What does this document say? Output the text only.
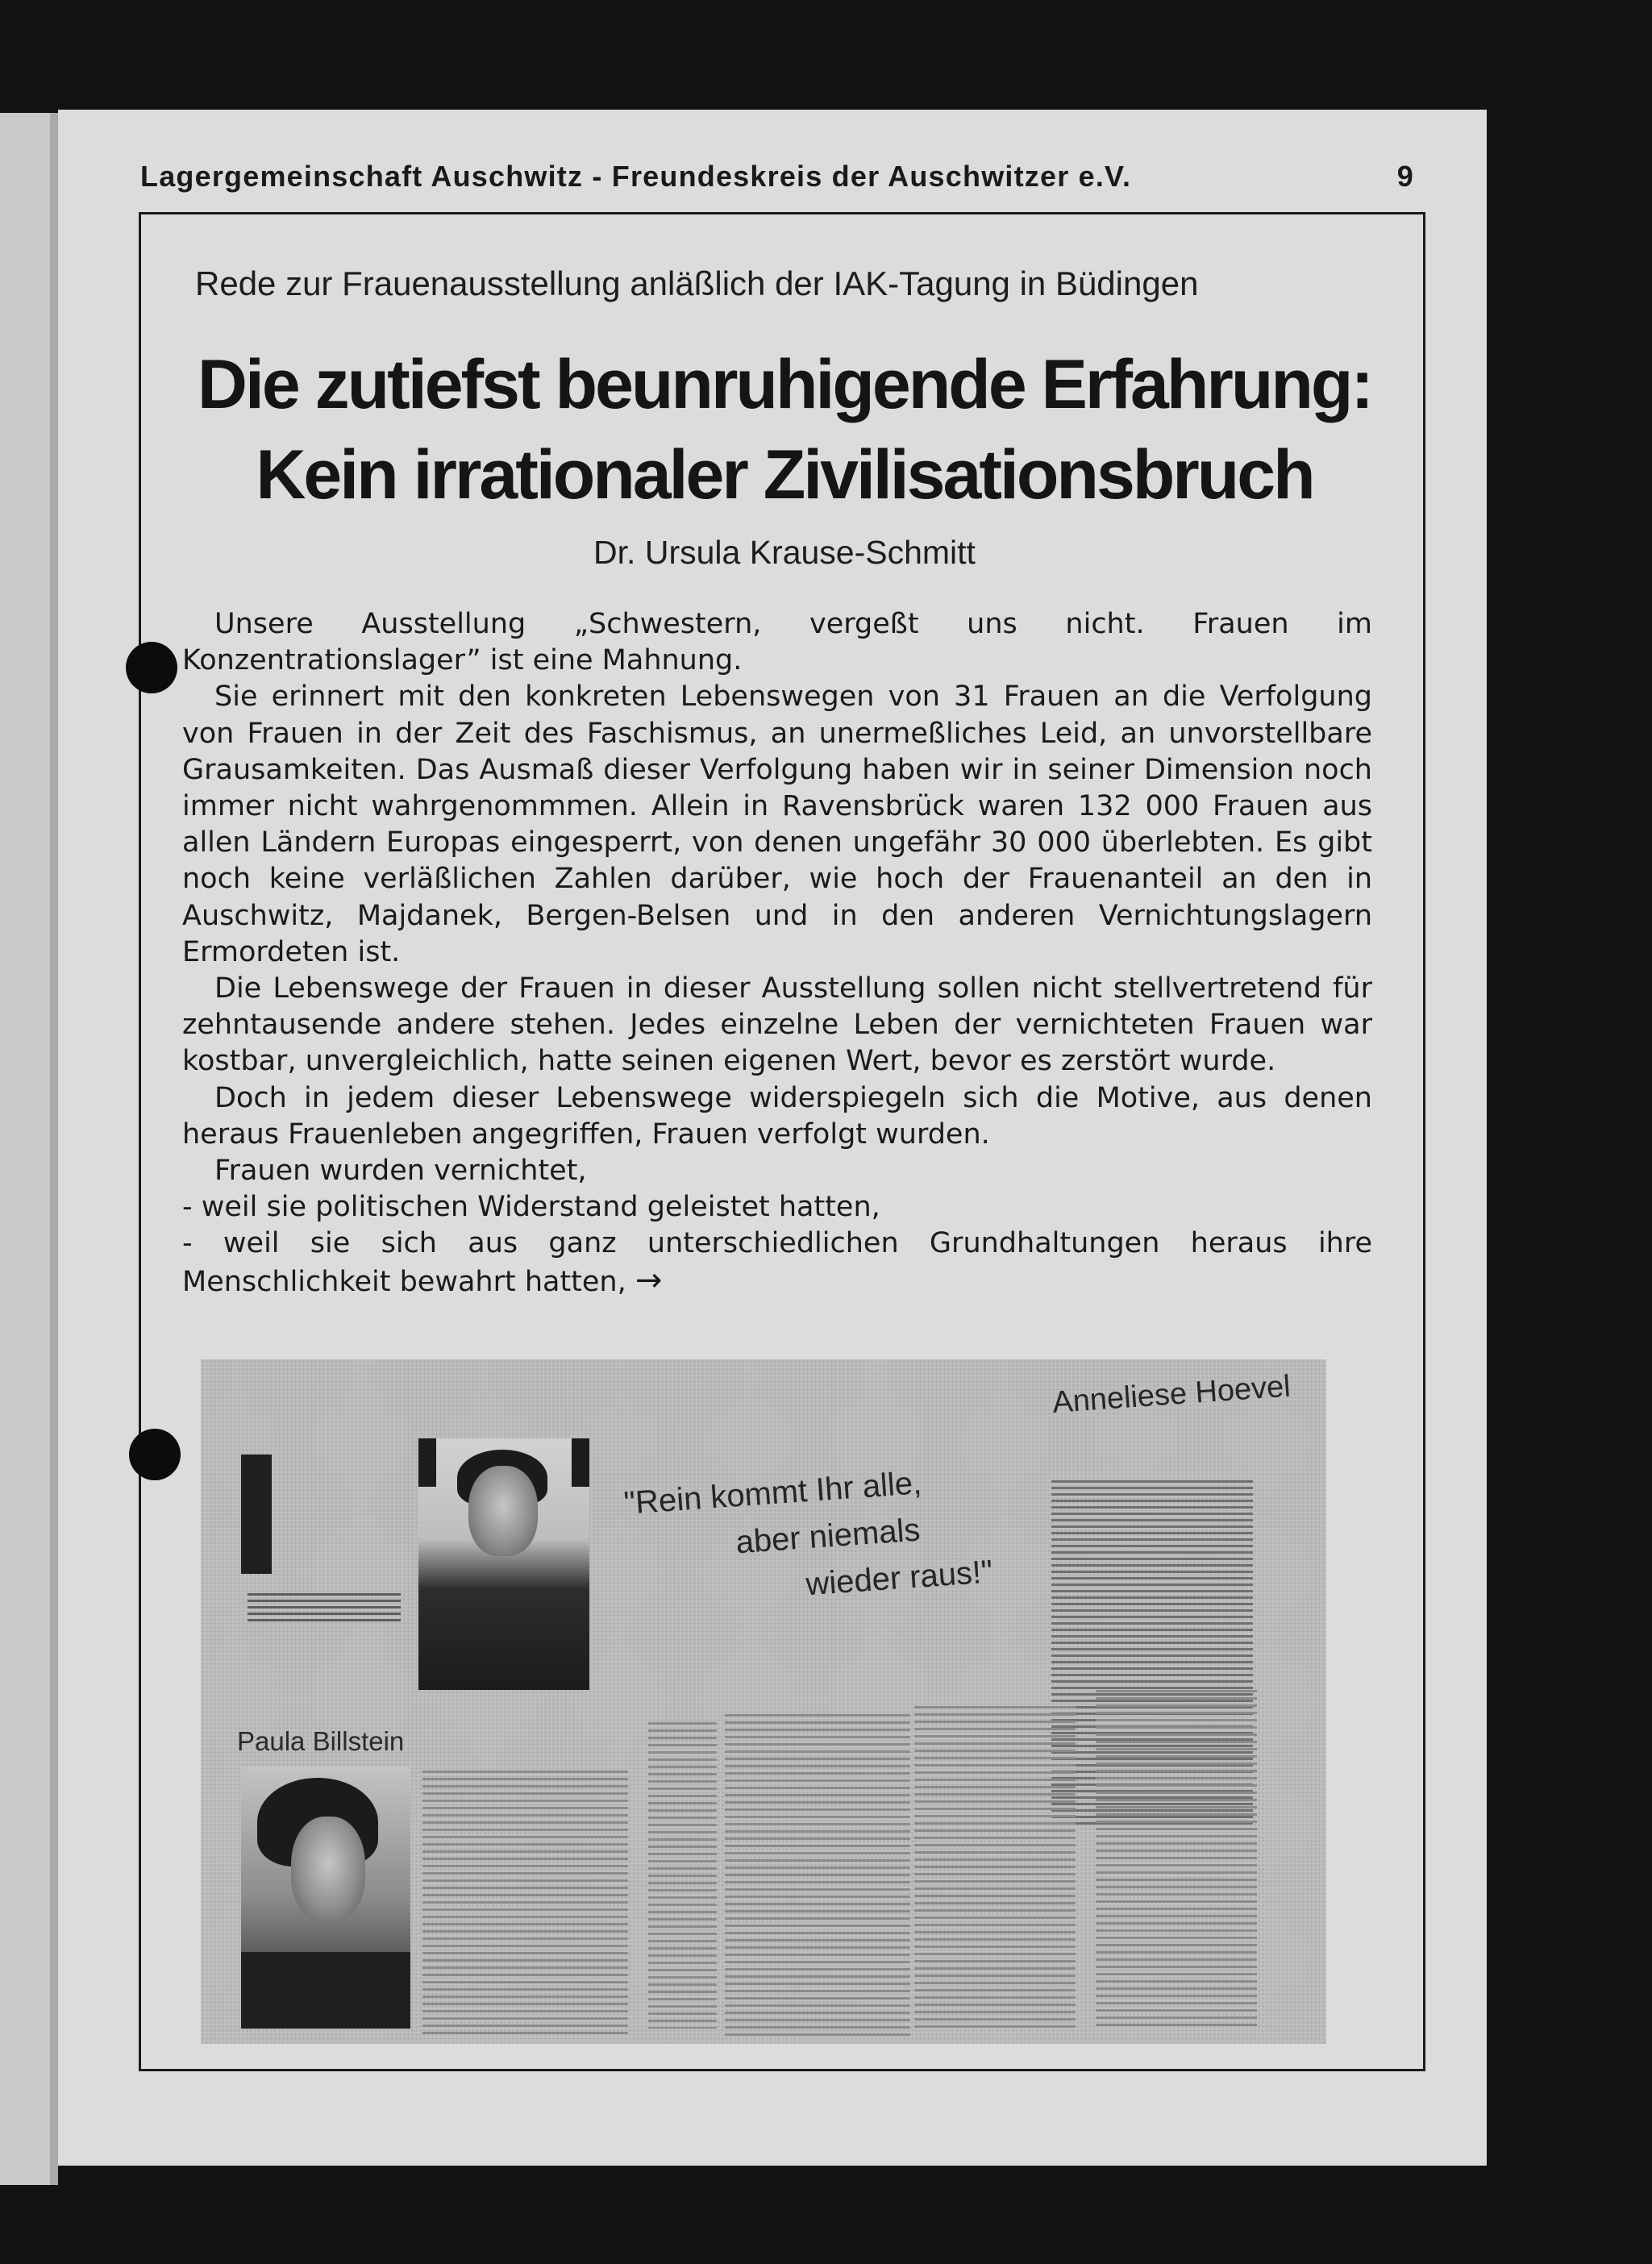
Lagergemeinschaft Auschwitz - Freundeskreis der Auschwitzer e.V.	9
Rede zur Frauenausstellung anläßlich der IAK-Tagung in Büdingen
Die zutiefst beunruhigende Erfahrung:
Kein irrationaler Zivilisationsbruch
Dr. Ursula Krause-Schmitt

Unsere Ausstellung „Schwestern, vergeßt uns nicht. Frauen im Konzentrationslager” ist eine Mahnung.

Sie erinnert mit den konkreten Lebenswegen von 31 Frauen an die Verfolgung von Frauen in der Zeit des Faschismus, an unermeßliches Leid, an unvorstellbare Grausamkeiten. Das Ausmaß dieser Verfolgung haben wir in seiner Dimension noch immer nicht wahrgenommmen. Allein in Ravensbrück waren 132 000 Frauen aus allen Ländern Europas eingesperrt, von denen ungefähr 30 000 überlebten. Es gibt noch keine verläßlichen Zahlen darüber, wie hoch der Frauenanteil an den in Auschwitz, Majdanek, Bergen-Belsen und in den anderen Vernichtungslagern Ermordeten ist.

Die Lebenswege der Frauen in dieser Ausstellung sollen nicht stellvertretend für zehntausende andere stehen. Jedes einzelne Leben der vernichteten Frauen war kostbar, unvergleichlich, hatte seinen eigenen Wert, bevor es zerstört wurde.

Doch in jedem dieser Lebenswege widerspiegeln sich die Motive, aus denen heraus Frauenleben angegriffen, Frauen verfolgt wurden.

Frauen wurden vernichtet,

- weil sie politischen Widerstand geleistet hatten,

- weil sie sich aus ganz unterschiedlichen Grundhaltungen heraus ihre Menschlichkeit bewahrt hatten, →

Anneliese Hoevel
"Rein kommt Ihr alle,
aber niemals
wieder raus!"
Paula Billstein
